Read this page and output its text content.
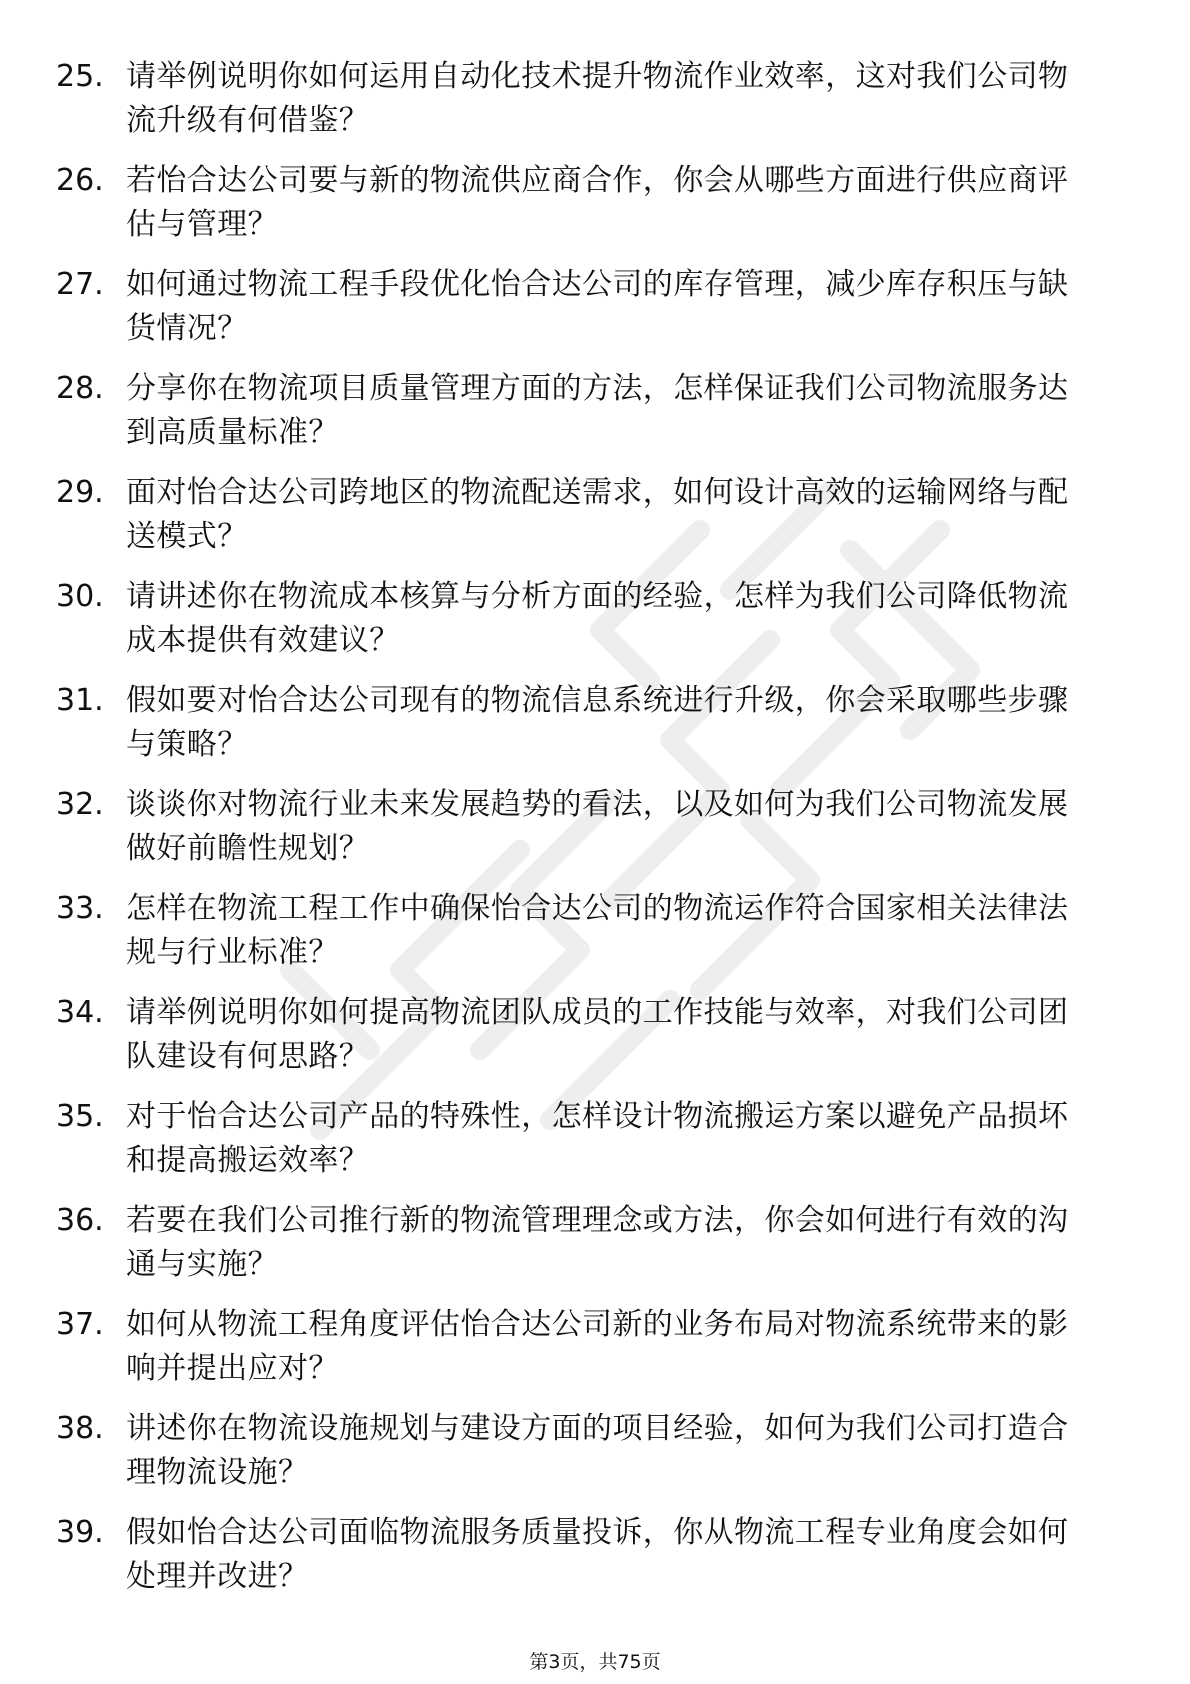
25. 请举例说明你如何运用自动化技术提升物流作业效率，这对我们公司物流升级有何借鉴？
26. 若怡合达公司要与新的物流供应商合作，你会从哪些方面进行供应商评估与管理？
27. 如何通过物流工程手段优化怡合达公司的库存管理，减少库存积压与缺货情况？
28. 分享你在物流项目质量管理方面的方法，怎样保证我们公司物流服务达到高质量标准？
29. 面对怡合达公司跨地区的物流配送需求，如何设计高效的运输网络与配送模式？
30. 请讲述你在物流成本核算与分析方面的经验，怎样为我们公司降低物流成本提供有效建议？
31. 假如要对怡合达公司现有的物流信息系统进行升级，你会采取哪些步骤与策略？
32. 谈谈你对物流行业未来发展趋势的看法，以及如何为我们公司物流发展做好前瞻性规划？
33. 怎样在物流工程工作中确保怡合达公司的物流运作符合国家相关法律法规与行业标准？
34. 请举例说明你如何提高物流团队成员的工作技能与效率，对我们公司团队建设有何思路？
35. 对于怡合达公司产品的特殊性，怎样设计物流搬运方案以避免产品损坏和提高搬运效率？
36. 若要在我们公司推行新的物流管理理念或方法，你会如何进行有效的沟通与实施？
37. 如何从物流工程角度评估怡合达公司新的业务布局对物流系统带来的影响并提出应对？
38. 讲述你在物流设施规划与建设方面的项目经验，如何为我们公司打造合理物流设施？
39. 假如怡合达公司面临物流服务质量投诉，你从物流工程专业角度会如何处理并改进？
第3页，共75页
